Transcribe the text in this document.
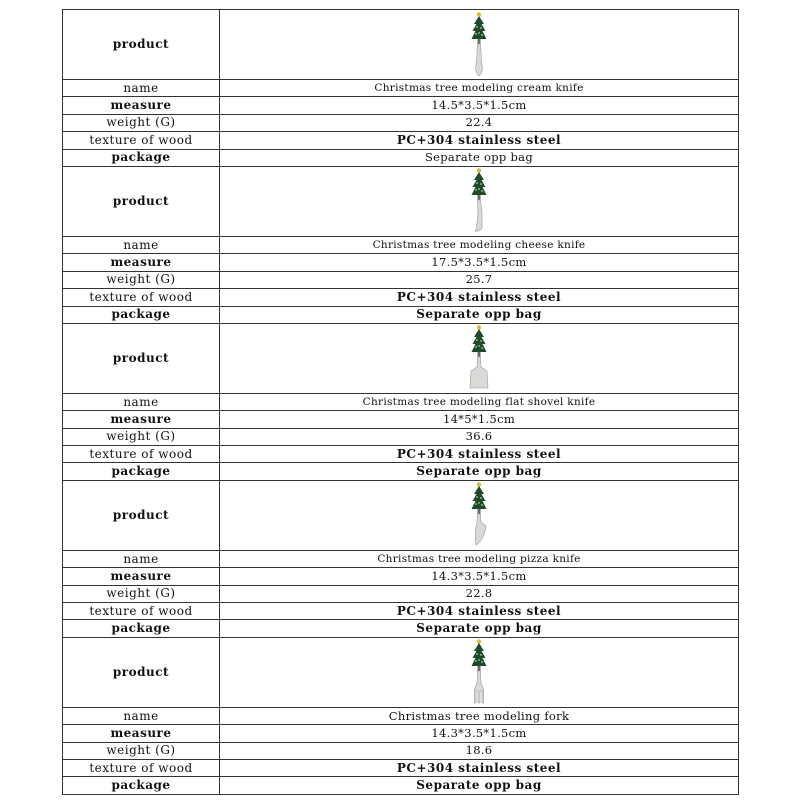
product	

name	Christmas tree modeling cream knife
measure	14.5*3.5*1.5cm
weight (G)	22.4
texture of wood	PC+304 stainless steel
package	Separate opp bag
product	

name	Christmas tree modeling cheese knife
measure	17.5*3.5*1.5cm
weight (G)	25.7
texture of wood	PC+304 stainless steel
package	Separate opp bag
product	

name	Christmas tree modeling flat shovel knife
measure	14*5*1.5cm
weight (G)	36.6
texture of wood	PC+304 stainless steel
package	Separate opp bag
product	

name	Christmas tree modeling pizza knife
measure	14.3*3.5*1.5cm
weight (G)	22.8
texture of wood	PC+304 stainless steel
package	Separate opp bag
product	

name	Christmas tree modeling fork
measure	14.3*3.5*1.5cm
weight (G)	18.6
texture of wood	PC+304 stainless steel
package	Separate opp bag
